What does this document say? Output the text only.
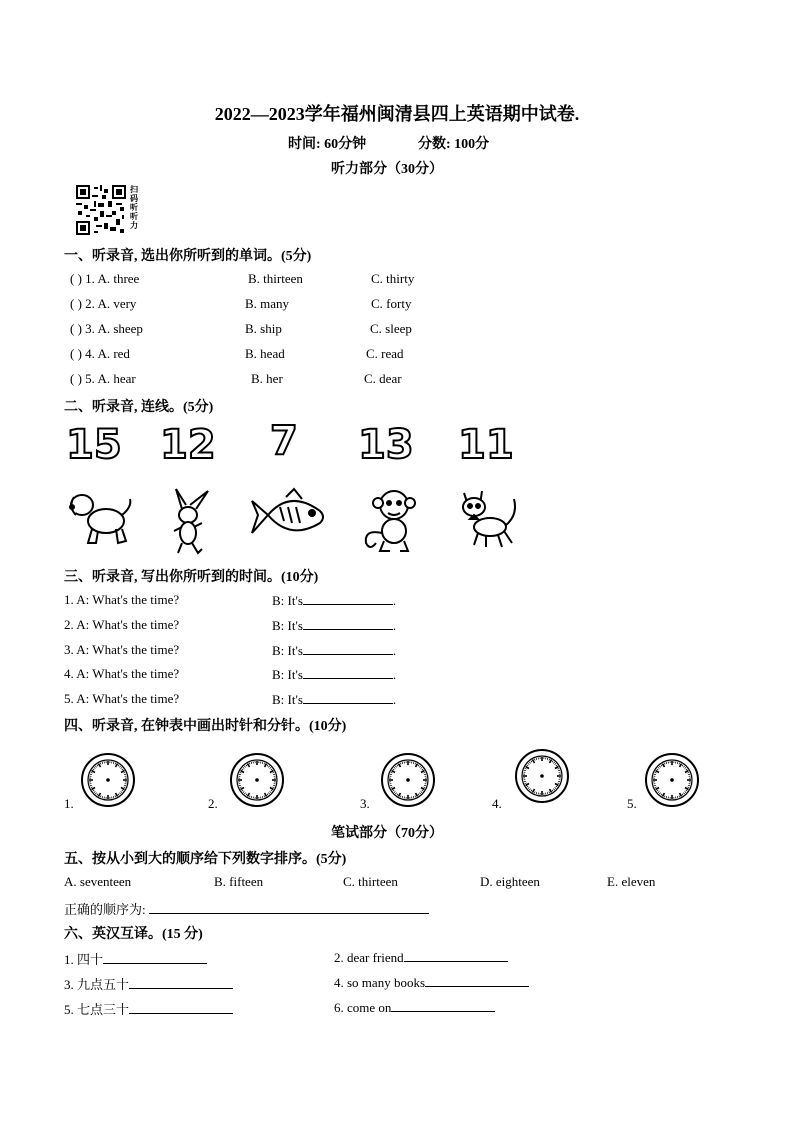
2022—2023学年福州闽清县四上英语期中试卷.
时间: 60分钟	分数: 100分
听力部分（30分）
扫码听听力
一、听录音, 选出你所听到的单词。(5分)
( ) 1. A. three	B. thirteen	C. thirty
( ) 2. A. very	B. many	C. forty
( ) 3. A. sheep	B. ship	C. sleep
( ) 4. A. red	B. head	C. read
( ) 5. A. hear	B. her	C. dear
二、听录音, 连线。(5分)
15 12 7 13 11
三、听录音, 写出你所听到的时间。(10分)
1. A: What's the time?	B: It's	.
2. A: What's the time?	B: It's	.
3. A: What's the time?	B: It's	.
4. A: What's the time?	B: It's	.
5. A: What's the time?	B: It's	.
四、听录音, 在钟表中画出时针和分针。(10分)
1.	2.	3.	4.	5.
笔试部分（70分）
五、按从小到大的顺序给下列数字排序。(5分)
A. seventeen	B. fifteen	C. thirteen	D. eighteen	E. eleven
正确的顺序为:
六、英汉互译。(15 分)
1. 四十	2. dear friend
3. 九点五十	4. so many books
5. 七点三十	6. come on
